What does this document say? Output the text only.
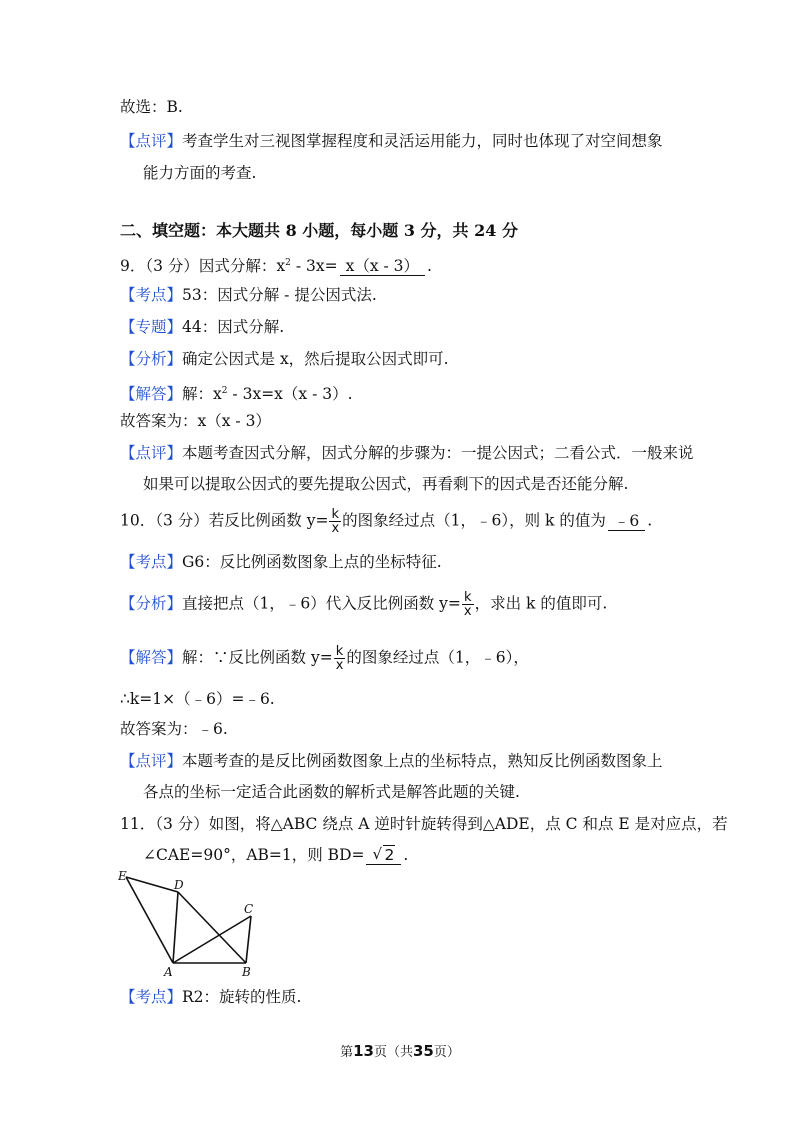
故选：B.
【点评】考查学生对三视图掌握程度和灵活运用能力，同时也体现了对空间想象
能力方面的考查.
二、填空题：本大题共 8 小题，每小题 3 分，共 24 分
9．（3 分）因式分解：$x^2 - 3x= x(x - 3)$ .
【考点】53：因式分解 - 提公因式法.
【专题】44：因式分解.
【分析】确定公因式是 x，然后提取公因式即可.
【解答】解：$x^2 - 3x=x(x - 3)$.
故答案为：x（x - 3）
【点评】本题考查因式分解，因式分解的步骤为：一提公因式；二看公式．一般来说
如果可以提取公因式的要先提取公因式，再看剩下的因式是否还能分解.
10．（3 分）若反比例函数 $y= \frac{k}{x}$ 的图象经过点（1，﹣6），则 k 的值为 ﹣6 .
【考点】G6：反比例函数图象上点的坐标特征.
【分析】直接把点（1，﹣6）代入反比例函数 $y= \frac{k}{x}$ ，求出 k 的值即可.
【解答】解：∵反比例函数 $y= \frac{k}{x}$ 的图象经过点（1，﹣6），
∴k=1×（﹣6）=﹣6.
故答案为：﹣6.
【点评】本题考查的是反比例函数图象上点的坐标特点，熟知反比例函数图象上
各点的坐标一定适合此函数的解析式是解答此题的关键.
11．（3 分）如图，将△ABC 绕点 A 逆时针旋转得到△ADE，点 C 和点 E 是对应点，若
∠CAE=90°，AB=1，则 BD=√ 2 .
E
D
C
A	B
【考点】R2：旋转的性质.
第13页（共35页）
